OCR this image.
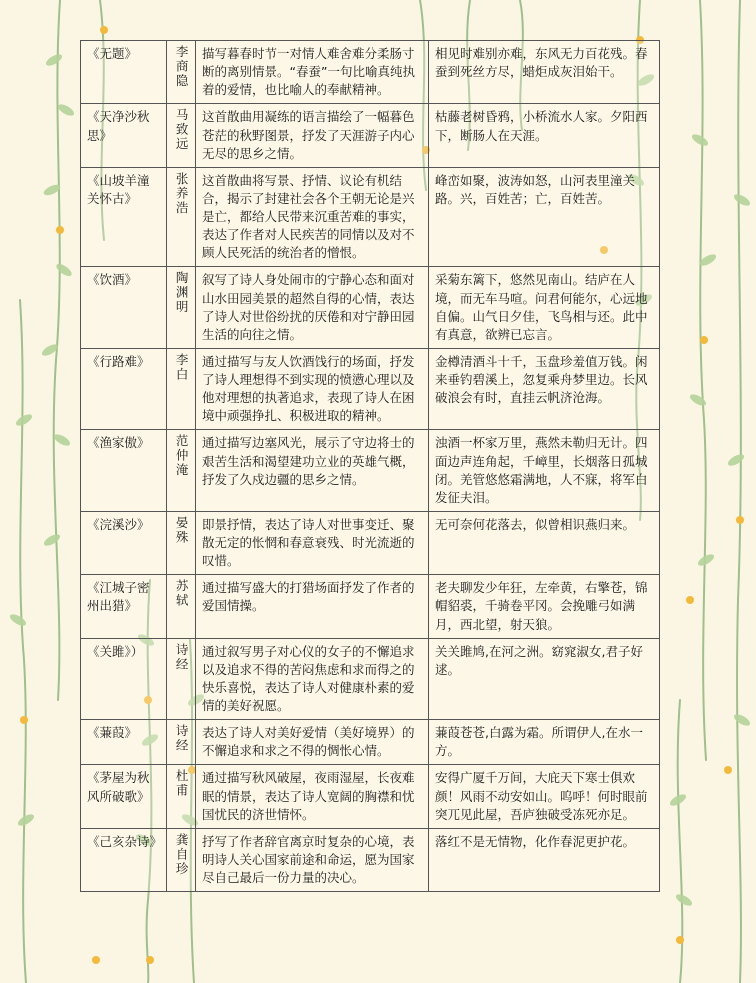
《无题》	李商隐	描写暮春时节一对情人难舍难分柔肠寸断的离别情景。“春蚕”一句比喻真纯执着的爱情，也比喻人的奉献精神。	相见时难别亦难，东风无力百花残。春蚕到死丝方尽，蜡炬成灰泪始干。
《天净沙秋思》	马致远	这首散曲用凝练的语言描绘了一幅暮色苍茫的秋野图景，抒发了天涯游子内心无尽的思乡之情。	枯藤老树昏鸦，小桥流水人家。夕阳西下，断肠人在天涯。
《山坡羊潼关怀古》	张养浩	这首散曲将写景、抒情、议论有机结合，揭示了封建社会各个王朝无论是兴是亡，都给人民带来沉重苦难的事实，表达了作者对人民疾苦的同情以及对不顾人民死活的统治者的憎恨。	峰峦如聚，波涛如怒，山河表里潼关路。兴，百姓苦；亡，百姓苦。
《饮酒》	陶渊明	叙写了诗人身处闹市的宁静心态和面对山水田园美景的超然自得的心情，表达了诗人对世俗纷扰的厌倦和对宁静田园生活的向往之情。	采菊东篱下，悠然见南山。结庐在人境，而无车马喧。问君何能尔，心远地自偏。山气日夕佳，飞鸟相与还。此中有真意，欲辨已忘言。
《行路难》	李白	通过描写与友人饮酒饯行的场面，抒发了诗人理想得不到实现的愤懑心理以及他对理想的执著追求，表现了诗人在困境中顽强挣扎、积极进取的精神。	金樽清酒斗十千，玉盘珍羞值万钱。闲来垂钓碧溪上，忽复乘舟梦里边。长风破浪会有时，直挂云帆济沧海。
《渔家傲》	范仲淹	通过描写边塞风光，展示了守边将士的艰苦生活和渴望建功立业的英雄气概，抒发了久戍边疆的思乡之情。	浊酒一杯家万里，燕然未勒归无计。四面边声连角起，千嶂里，长烟落日孤城闭。羌管悠悠霜满地，人不寐，将军白发征夫泪。
《浣溪沙》	晏殊	即景抒情，表达了诗人对世事变迁、聚散无定的怅惘和春意衰残、时光流逝的叹惜。	无可奈何花落去，似曾相识燕归来。
《江城子密州出猎》	苏轼	通过描写盛大的打猎场面抒发了作者的爱国情操。	老夫聊发少年狂，左牵黄，右擎苍，锦帽貂裘，千骑卷平冈。会挽雕弓如满月，西北望，射天狼。
《关雎》）	诗经	通过叙写男子对心仪的女子的不懈追求以及追求不得的苦闷焦虑和求而得之的快乐喜悦，表达了诗人对健康朴素的爱情的美好祝愿。	关关雎鸠,在河之洲。窈窕淑女,君子好逑。
《蒹葭》	诗经	表达了诗人对美好爱情（美好境界）的不懈追求和求之不得的惆怅心情。	蒹葭苍苍,白露为霜。所谓伊人,在水一方。
《茅屋为秋风所破歌》	杜甫	通过描写秋风破屋，夜雨湿屋，长夜难眠的情景，表达了诗人宽阔的胸襟和忧国忧民的济世情怀。	安得广厦千万间，大庇天下寒士俱欢颜！风雨不动安如山。呜呼！何时眼前突兀见此屋，吾庐独破受冻死亦足。
《己亥杂诗》	龚自珍	抒写了作者辞官离京时复杂的心境，表明诗人关心国家前途和命运，愿为国家尽自己最后一份力量的决心。	落红不是无情物，化作春泥更护花。
